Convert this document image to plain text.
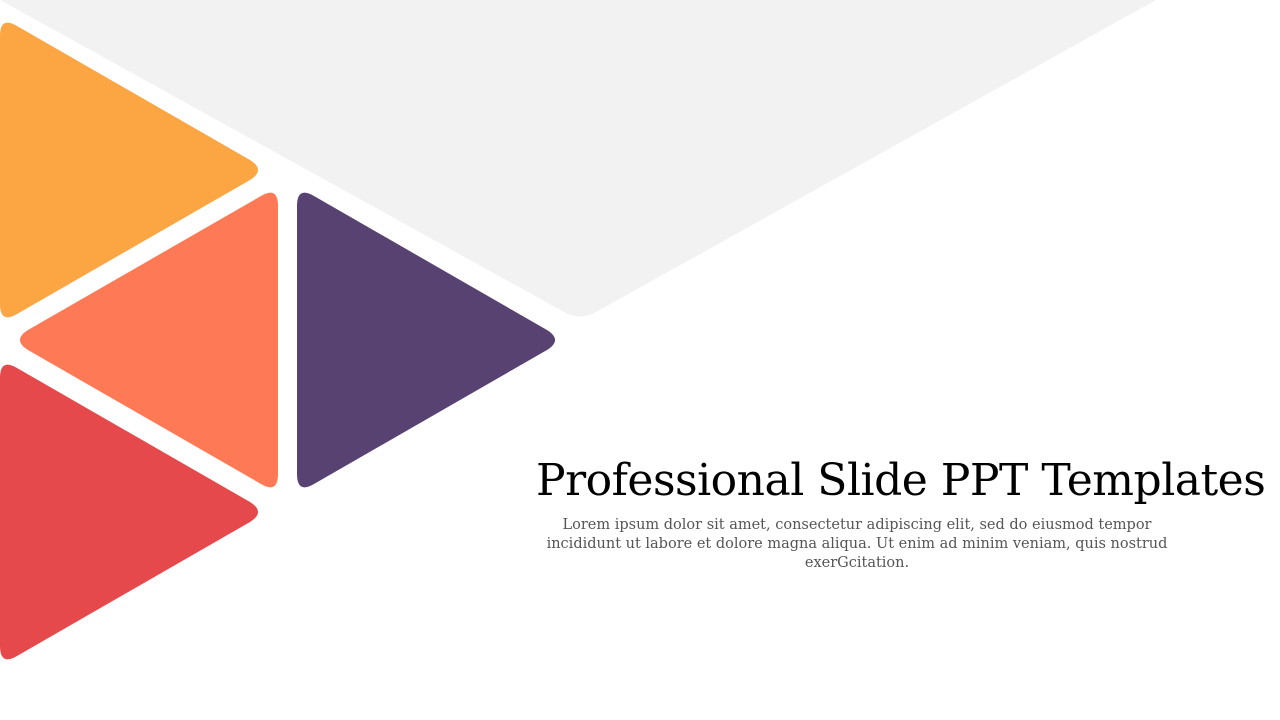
Professional Slide PPT Templates

Lorem ipsum dolor sit amet, consectetur adipiscing elit, sed do eiusmod tempor incididunt ut labore et dolore magna aliqua. Ut enim ad minim veniam, quis nostrud exerGcitation.
